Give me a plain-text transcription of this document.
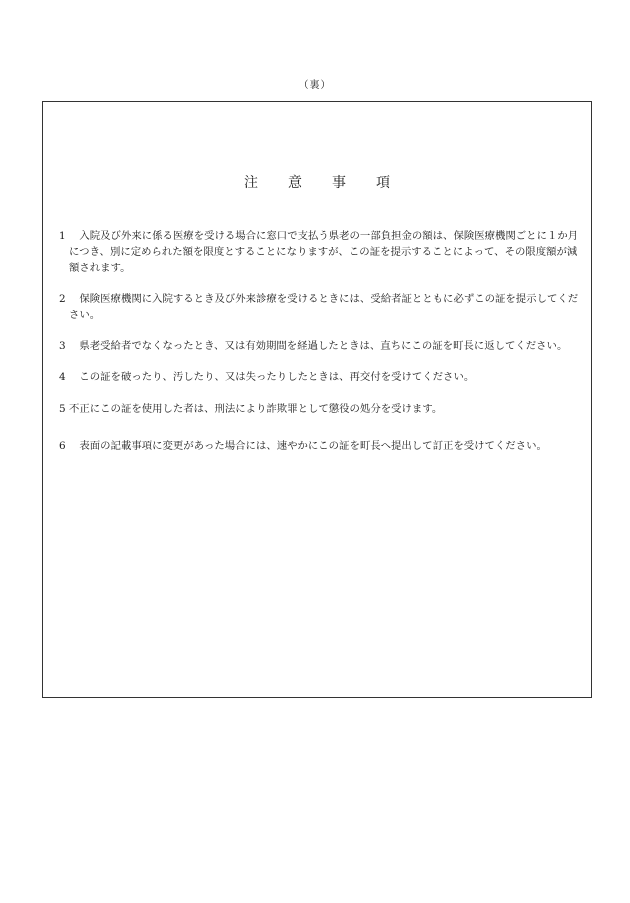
（裏）
注意事項
1 　入院及び外来に係る医療を受ける場合に窓口で支払う県老の一部負担金の額は、保険医療機関ごとに１か月につき、別に定められた額を限度とすることになりますが、この証を提示することによって、その限度額が減額されます。
2 　保険医療機関に入院するとき及び外来診療を受けるときには、受給者証とともに必ずこの証を提示してください。
3 　県老受給者でなくなったとき、又は有効期間を経過したときは、直ちにこの証を町長に返してください。
4 　この証を破ったり、汚したり、又は失ったりしたときは、再交付を受けてください。
5 不正にこの証を使用した者は、刑法により詐欺罪として懲役の処分を受けます。
6 　表面の記載事項に変更があった場合には、速やかにこの証を町長へ提出して訂正を受けてください。
